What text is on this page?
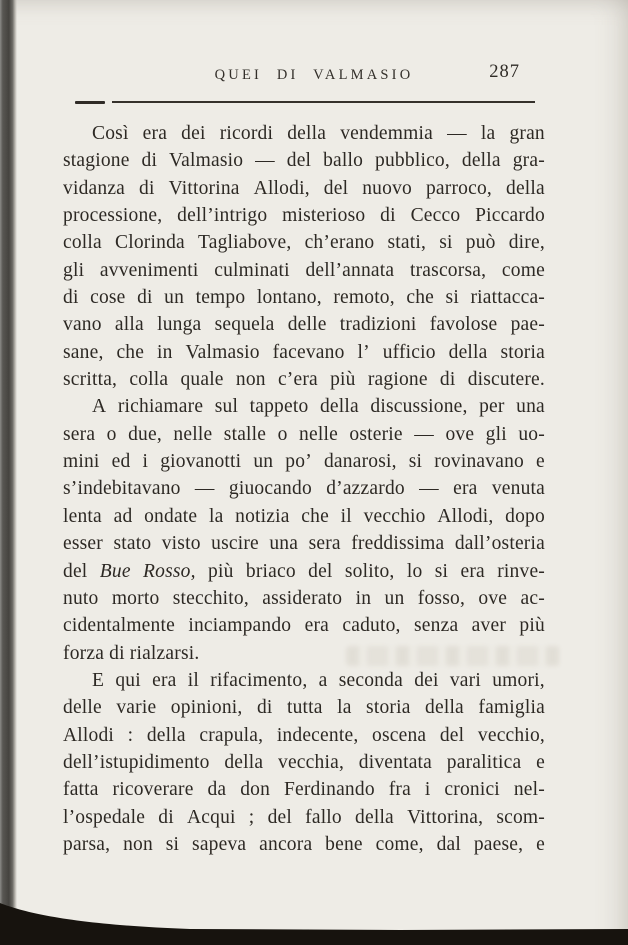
QUEI DI VALMASIO	287
Così era dei ricordi della vendemmia — la gran
stagione di Valmasio — del ballo pubblico, della gra-
vidanza di Vittorina Allodi, del nuovo parroco, della
processione, dell’intrigo misterioso di Cecco Piccardo
colla Clorinda Tagliabove, ch’erano stati, si può dire,
gli avvenimenti culminati dell’annata trascorsa, come
di cose di un tempo lontano, remoto, che si riattacca-
vano alla lunga sequela delle tradizioni favolose pae-
sane, che in Valmasio facevano l’ ufficio della storia
scritta, colla quale non c’era più ragione di discutere.
A richiamare sul tappeto della discussione, per una
sera o due, nelle stalle o nelle osterie — ove gli uo-
mini ed i giovanotti un po’ danarosi, si rovinavano e
s’indebitavano — giuocando d’azzardo — era venuta
lenta ad ondate la notizia che il vecchio Allodi, dopo
esser stato visto uscire una sera freddissima dall’osteria
del Bue Rosso, più briaco del solito, lo si era rinve-
nuto morto stecchito, assiderato in un fosso, ove ac-
cidentalmente inciampando era caduto, senza aver più
forza di rialzarsi.
E qui era il rifacimento, a seconda dei vari umori,
delle varie opinioni, di tutta la storia della famiglia
Allodi : della crapula, indecente, oscena del vecchio,
dell’istupidimento della vecchia, diventata paralitica e
fatta ricoverare da don Ferdinando fra i cronici nel-
l’ospedale di Acqui ; del fallo della Vittorina, scom-
parsa, non si sapeva ancora bene come, dal paese, e
